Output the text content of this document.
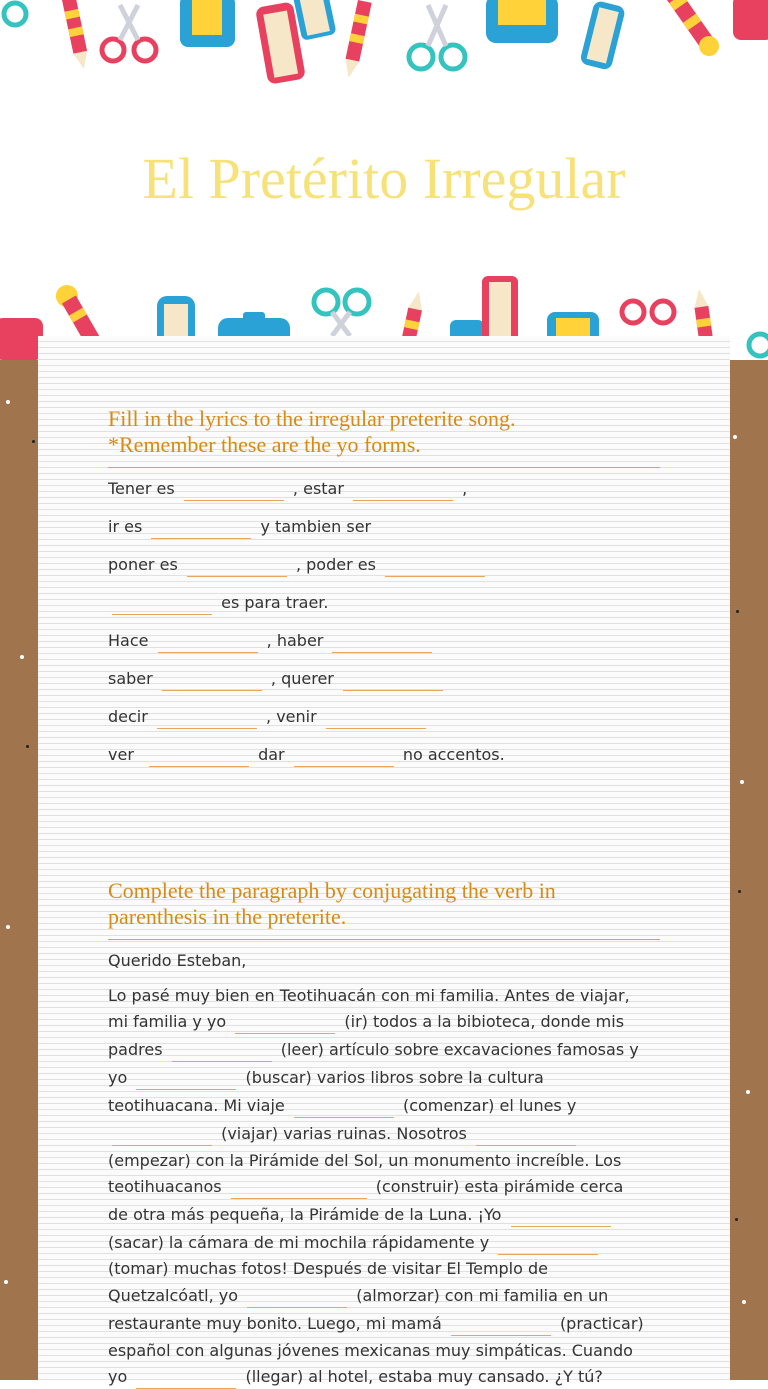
El Pretérito Irregular
Fill in the lyrics to the irregular preterite song.
*Remember these are the yo forms.
Tener es	, estar	,
ir es	y tambien ser
poner es	, poder es
es para traer.
Hace	, haber
saber	, querer
decir	, venir
ver	dar	no accentos.
Complete the paragraph by conjugating the verb in
parenthesis in the preterite.
Querido Esteban,
Lo pasé muy bien en Teotihuacán con mi familia. Antes de viajar,
mi familia y yo	(ir) todos a la bibioteca, donde mis
padres	(leer) artículo sobre excavaciones famosas y
yo	(buscar) varios libros sobre la cultura
teotihuacana. Mi viaje	(comenzar) el lunes y
(viajar) varias ruinas. Nosotros
(empezar) con la Pirámide del Sol, un monumento increíble. Los
teotihuacanos	(construir) esta pirámide cerca
de otra más pequeña, la Pirámide de la Luna. ¡Yo
(sacar) la cámara de mi mochila rápidamente y
(tomar) muchas fotos! Después de visitar El Templo de
Quetzalcóatl, yo	(almorzar) con mi familia en un
restaurante muy bonito. Luego, mi mamá	(practicar)
español con algunas jóvenes mexicanas muy simpáticas. Cuando
yo	(llegar) al hotel, estaba muy cansado. ¿Y tú?
